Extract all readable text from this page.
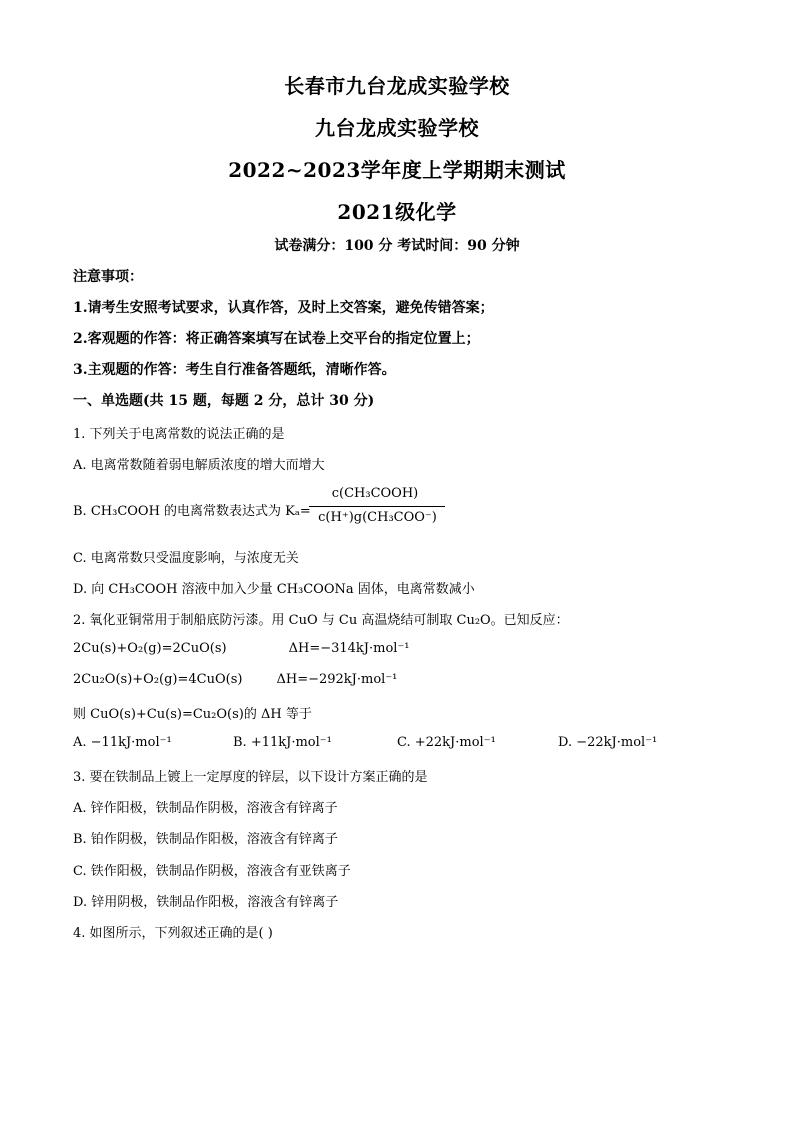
长春市九台龙成实验学校
九台龙成实验学校
2022~2023学年度上学期期末测试
2021级化学
试卷满分：100 分 考试时间：90 分钟
注意事项：
1.请考生安照考试要求，认真作答，及时上交答案，避免传错答案；
2.客观题的作答：将正确答案填写在试卷上交平台的指定位置上；
3.主观题的作答：考生自行准备答题纸，清晰作答。
一、单选题(共 15 题，每题 2 分，总计 30 分)
1. 下列关于电离常数的说法正确的是
A. 电离常数随着弱电解质浓度的增大而增大
B. CH₃COOH 的电离常数表达式为 Kₐ=
c(CH₃COOH)
c(H⁺)g(CH₃COO⁻)
C. 电离常数只受温度影响，与浓度无关
D. 向 CH₃COOH 溶液中加入少量 CH₃COONa 固体，电离常数减小
2. 氧化亚铜常用于制船底防污漆。用 CuO 与 Cu 高温烧结可制取 Cu₂O。已知反应：
2Cu(s)+O₂(g)=2CuO(s)	ΔH=−314kJ·mol⁻¹
2Cu₂O(s)+O₂(g)=4CuO(s)	ΔH=−292kJ·mol⁻¹
则 CuO(s)+Cu(s)=Cu₂O(s)的 ΔH 等于
A. −11kJ·mol⁻¹	B. +11kJ·mol⁻¹	C. +22kJ·mol⁻¹	D. −22kJ·mol⁻¹
3. 要在铁制品上镀上一定厚度的锌层，以下设计方案正确的是
A. 锌作阳极，铁制品作阴极，溶液含有锌离子
B. 铂作阴极，铁制品作阳极，溶液含有锌离子
C. 铁作阳极，铁制品作阴极，溶液含有亚铁离子
D. 锌用阴极，铁制品作阳极，溶液含有锌离子
4. 如图所示，下列叙述正确的是( )
